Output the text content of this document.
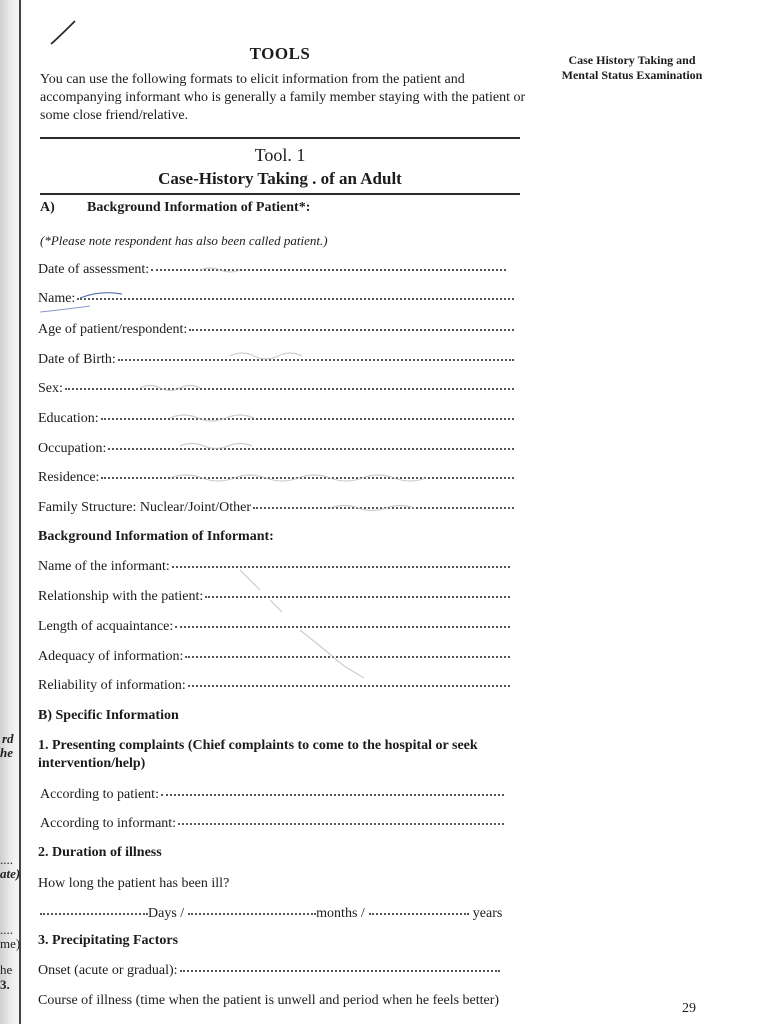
rd
he
....
ate)
....
me)
he
3.
TOOLS	Case History Taking and
Mental Status Examination
You can use the following formats to elicit information from the patient and accompanying informant who is generally a family member staying with the patient or some close friend/relative.
Tool. 1
Case-History Taking . of an Adult
A) Background Information of Patient*:
(*Please note respondent has also been called patient.)
Date of assessment:
Name:
Age of patient/respondent:
Date of Birth:
Sex:
Education:
Occupation:
Residence:
Family Structure: Nuclear/Joint/Other
Background Information of Informant:
Name of the informant:
Relationship with the patient:
Length of acquaintance:
Adequacy of information:
Reliability of information:
B) Specific Information
1. Presenting complaints (Chief complaints to come to the hospital or seek intervention/help)
According to patient:
According to informant:
2. Duration of illness
How long the patient has been ill?
Days /	months /	years
3. Precipitating Factors
Onset (acute or gradual):
Course of illness (time when the patient is unwell and period when he feels better)
29
